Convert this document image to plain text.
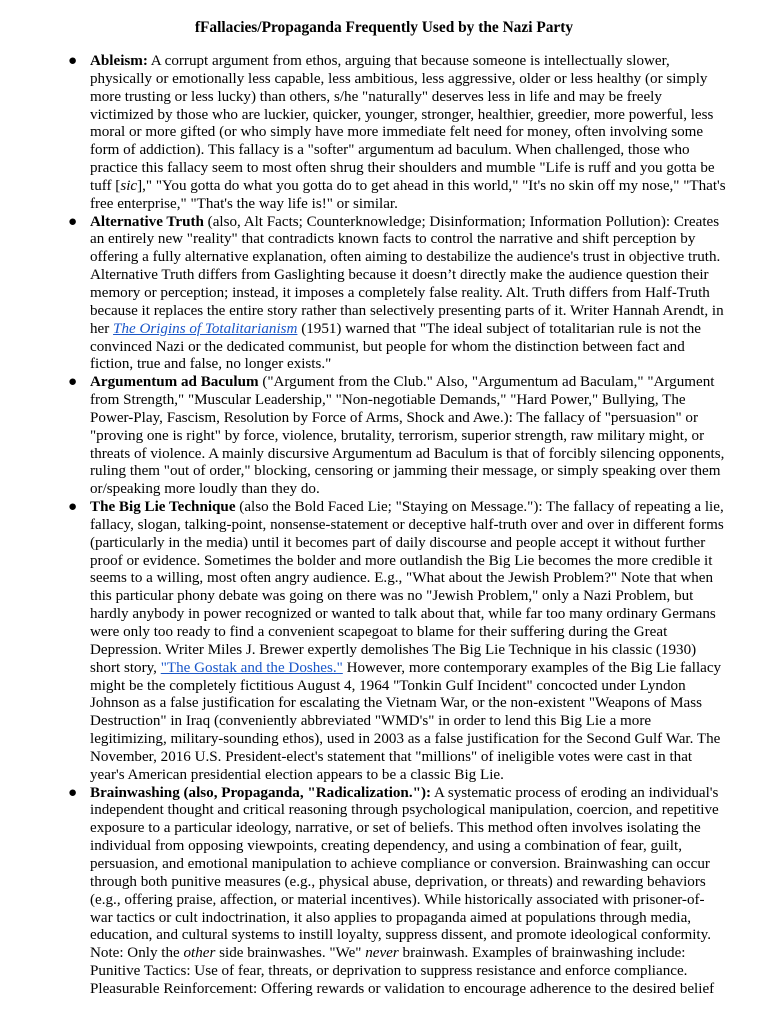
fFallacies/Propaganda Frequently Used by the Nazi Party
● Ableism: A corrupt argument from ethos, arguing that because someone is intellectually slower, physically or emotionally less capable, less ambitious, less aggressive, older or less healthy (or simply more trusting or less lucky) than others, s/he "naturally" deserves less in life and may be freely victimized by those who are luckier, quicker, younger, stronger, healthier, greedier, more powerful, less moral or more gifted (or who simply have more immediate felt need for money, often involving some form of addiction). This fallacy is a "softer" argumentum ad baculum. When challenged, those who practice this fallacy seem to most often shrug their shoulders and mumble "Life is ruff and you gotta be tuff [sic]," "You gotta do what you gotta do to get ahead in this world," "It's no skin off my nose," "That's free enterprise," "That's the way life is!" or similar.
● Alternative Truth (also, Alt Facts; Counterknowledge; Disinformation; Information Pollution): Creates an entirely new "reality" that contradicts known facts to control the narrative and shift perception by offering a fully alternative explanation, often aiming to destabilize the audience's trust in objective truth. Alternative Truth differs from Gaslighting because it doesn’t directly make the audience question their memory or perception; instead, it imposes a completely false reality. Alt. Truth differs from Half-Truth because it replaces the entire story rather than selectively presenting parts of it. Writer Hannah Arendt, in her The Origins of Totalitarianism (1951) warned that "The ideal subject of totalitarian rule is not the convinced Nazi or the dedicated communist, but people for whom the distinction between fact and fiction, true and false, no longer exists."
● Argumentum ad Baculum ("Argument from the Club." Also, "Argumentum ad Baculam," "Argument from Strength," "Muscular Leadership," "Non-negotiable Demands," "Hard Power," Bullying, The Power-Play, Fascism, Resolution by Force of Arms, Shock and Awe.): The fallacy of "persuasion" or "proving one is right" by force, violence, brutality, terrorism, superior strength, raw military might, or threats of violence. A mainly discursive Argumentum ad Baculum is that of forcibly silencing opponents, ruling them "out of order," blocking, censoring or jamming their message, or simply speaking over them or/speaking more loudly than they do.
● The Big Lie Technique (also the Bold Faced Lie; "Staying on Message."): The fallacy of repeating a lie, fallacy, slogan, talking-point, nonsense-statement or deceptive half-truth over and over in different forms (particularly in the media) until it becomes part of daily discourse and people accept it without further proof or evidence. Sometimes the bolder and more outlandish the Big Lie becomes the more credible it seems to a willing, most often angry audience. E.g., "What about the Jewish Problem?" Note that when this particular phony debate was going on there was no "Jewish Problem," only a Nazi Problem, but hardly anybody in power recognized or wanted to talk about that, while far too many ordinary Germans were only too ready to find a convenient scapegoat to blame for their suffering during the Great Depression. Writer Miles J. Brewer expertly demolishes The Big Lie Technique in his classic (1930) short story, "The Gostak and the Doshes." However, more contemporary examples of the Big Lie fallacy might be the completely fictitious August 4, 1964 "Tonkin Gulf Incident" concocted under Lyndon Johnson as a false justification for escalating the Vietnam War, or the non-existent "Weapons of Mass Destruction" in Iraq (conveniently abbreviated "WMD's" in order to lend this Big Lie a more legitimizing, military-sounding ethos), used in 2003 as a false justification for the Second Gulf War. The November, 2016 U.S. President-elect's statement that "millions" of ineligible votes were cast in that year's American presidential election appears to be a classic Big Lie.
● Brainwashing (also, Propaganda, "Radicalization."): A systematic process of eroding an individual's independent thought and critical reasoning through psychological manipulation, coercion, and repetitive exposure to a particular ideology, narrative, or set of beliefs. This method often involves isolating the individual from opposing viewpoints, creating dependency, and using a combination of fear, guilt, persuasion, and emotional manipulation to achieve compliance or conversion. Brainwashing can occur through both punitive measures (e.g., physical abuse, deprivation, or threats) and rewarding behaviors (e.g., offering praise, affection, or material incentives). While historically associated with prisoner-of-war tactics or cult indoctrination, it also applies to propaganda aimed at populations through media, education, and cultural systems to instill loyalty, suppress dissent, and promote ideological conformity. Note: Only the other side brainwashes. "We" never brainwash. Examples of brainwashing include: Punitive Tactics: Use of fear, threats, or deprivation to suppress resistance and enforce compliance. Pleasurable Reinforcement: Offering rewards or validation to encourage adherence to the desired belief
